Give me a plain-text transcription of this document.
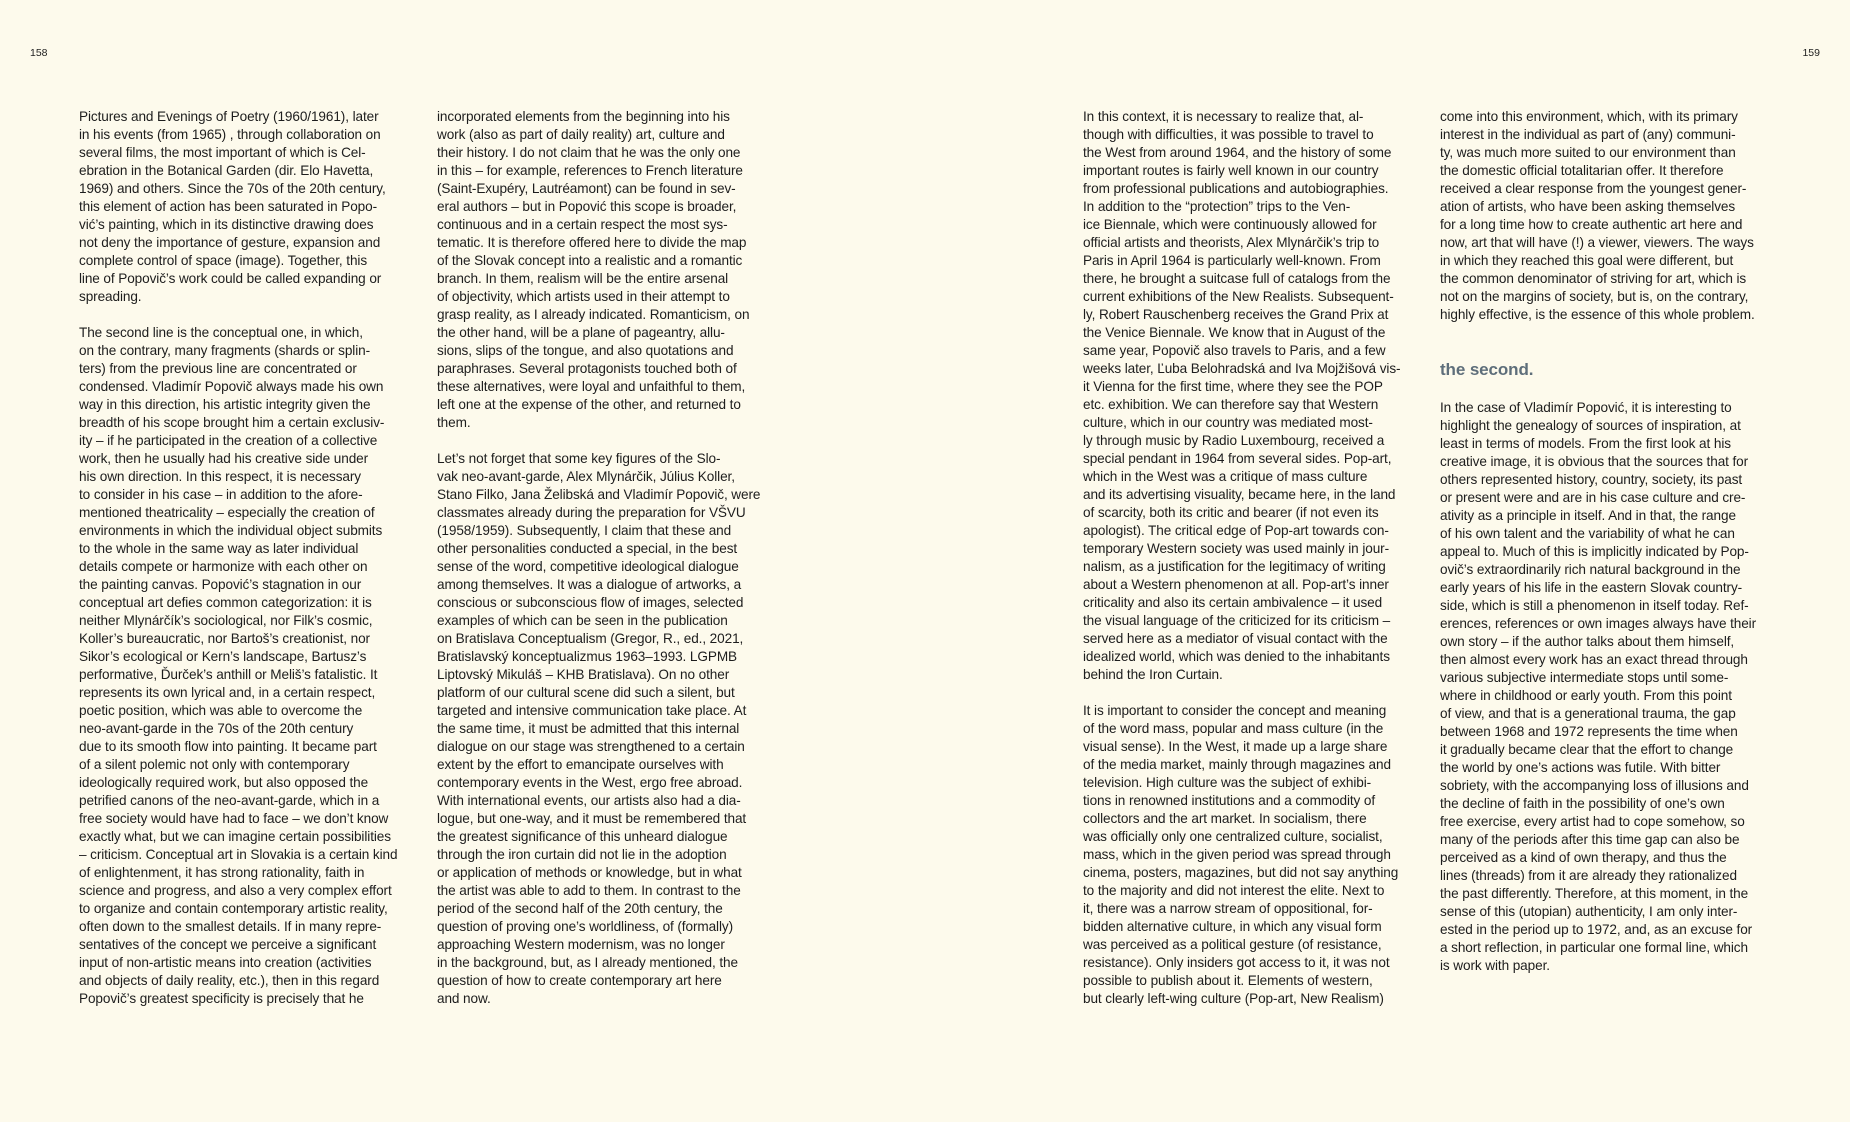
158	159

Pictures and Evenings of Poetry (1960/1961), later
in his events (from 1965) , through collaboration on
several films, the most important of which is Cel-
ebration in the Botanical Garden (dir. Elo Havetta,
1969) and others. Since the 70s of the 20th century,
this element of action has been saturated in Popo-
vić’s painting, which in its distinctive drawing does
not deny the importance of gesture, expansion and
complete control of space (image). Together, this
line of Popovič’s work could be called expanding or
spreading.

The second line is the conceptual one, in which,
on the contrary, many fragments (shards or splin-
ters) from the previous line are concentrated or
condensed. Vladimír Popovič always made his own
way in this direction, his artistic integrity given the
breadth of his scope brought him a certain exclusiv-
ity – if he participated in the creation of a collective
work, then he usually had his creative side under
his own direction. In this respect, it is necessary
to consider in his case – in addition to the afore-
mentioned theatricality – especially the creation of
environments in which the individual object submits
to the whole in the same way as later individual
details compete or harmonize with each other on
the painting canvas. Popović’s stagnation in our
conceptual art defies common categorization: it is
neither Mlynárčík’s sociological, nor Filk’s cosmic,
Koller’s bureaucratic, nor Bartoš’s creationist, nor
Sikor’s ecological or Kern’s landscape, Bartusz’s
performative, Ďurček’s anthill or Meliš’s fatalistic. It
represents its own lyrical and, in a certain respect,
poetic position, which was able to overcome the
neo-avant-garde in the 70s of the 20th century
due to its smooth flow into painting. It became part
of a silent polemic not only with contemporary
ideologically required work, but also opposed the
petrified canons of the neo-avant-garde, which in a
free society would have had to face – we don’t know
exactly what, but we can imagine certain possibilities
– criticism. Conceptual art in Slovakia is a certain kind
of enlightenment, it has strong rationality, faith in
science and progress, and also a very complex effort
to organize and contain contemporary artistic reality,
often down to the smallest details. If in many repre-
sentatives of the concept we perceive a significant
input of non-artistic means into creation (activities
and objects of daily reality, etc.), then in this regard
Popovič’s greatest specificity is precisely that he

incorporated elements from the beginning into his
work (also as part of daily reality) art, culture and
their history. I do not claim that he was the only one
in this – for example, references to French literature
(Saint-Exupéry, Lautréamont) can be found in sev-
eral authors – but in Popović this scope is broader,
continuous and in a certain respect the most sys-
tematic. It is therefore offered here to divide the map
of the Slovak concept into a realistic and a romantic
branch. In them, realism will be the entire arsenal
of objectivity, which artists used in their attempt to
grasp reality, as I already indicated. Romanticism, on
the other hand, will be a plane of pageantry, allu-
sions, slips of the tongue, and also quotations and
paraphrases. Several protagonists touched both of
these alternatives, were loyal and unfaithful to them,
left one at the expense of the other, and returned to
them.

Let’s not forget that some key figures of the Slo-
vak neo-avant-garde, Alex Mlynárčik, Július Koller,
Stano Filko, Jana Želibská and Vladimír Popovič, were
classmates already during the preparation for VŠVU
(1958/1959). Subsequently, I claim that these and
other personalities conducted a special, in the best
sense of the word, competitive ideological dialogue
among themselves. It was a dialogue of artworks, a
conscious or subconscious flow of images, selected
examples of which can be seen in the publication
on Bratislava Conceptualism (Gregor, R., ed., 2021,
Bratislavský konceptualizmus 1963–1993. LGPMB
Liptovský Mikuláš – KHB Bratislava). On no other
platform of our cultural scene did such a silent, but
targeted and intensive communication take place. At
the same time, it must be admitted that this internal
dialogue on our stage was strengthened to a certain
extent by the effort to emancipate ourselves with
contemporary events in the West, ergo free abroad.
With international events, our artists also had a dia-
logue, but one-way, and it must be remembered that
the greatest significance of this unheard dialogue
through the iron curtain did not lie in the adoption
or application of methods or knowledge, but in what
the artist was able to add to them. In contrast to the
period of the second half of the 20th century, the
question of proving one’s worldliness, of (formally)
approaching Western modernism, was no longer
in the background, but, as I already mentioned, the
question of how to create contemporary art here
and now.

In this context, it is necessary to realize that, al-
though with difficulties, it was possible to travel to
the West from around 1964, and the history of some
important routes is fairly well known in our country
from professional publications and autobiographies.
In addition to the “protection” trips to the Ven-
ice Biennale, which were continuously allowed for
official artists and theorists, Alex Mlynárčik’s trip to
Paris in April 1964 is particularly well-known. From
there, he brought a suitcase full of catalogs from the
current exhibitions of the New Realists. Subsequent-
ly, Robert Rauschenberg receives the Grand Prix at
the Venice Biennale. We know that in August of the
same year, Popovič also travels to Paris, and a few
weeks later, Ľuba Belohradská and Iva Mojžišová vis-
it Vienna for the first time, where they see the POP
etc. exhibition. We can therefore say that Western
culture, which in our country was mediated most-
ly through music by Radio Luxembourg, received a
special pendant in 1964 from several sides. Pop-art,
which in the West was a critique of mass culture
and its advertising visuality, became here, in the land
of scarcity, both its critic and bearer (if not even its
apologist). The critical edge of Pop-art towards con-
temporary Western society was used mainly in jour-
nalism, as a justification for the legitimacy of writing
about a Western phenomenon at all. Pop-art’s inner
criticality and also its certain ambivalence – it used
the visual language of the criticized for its criticism –
served here as a mediator of visual contact with the
idealized world, which was denied to the inhabitants
behind the Iron Curtain.

It is important to consider the concept and meaning
of the word mass, popular and mass culture (in the
visual sense). In the West, it made up a large share
of the media market, mainly through magazines and
television. High culture was the subject of exhibi-
tions in renowned institutions and a commodity of
collectors and the art market. In socialism, there
was officially only one centralized culture, socialist,
mass, which in the given period was spread through
cinema, posters, magazines, but did not say anything
to the majority and did not interest the elite. Next to
it, there was a narrow stream of oppositional, for-
bidden alternative culture, in which any visual form
was perceived as a political gesture (of resistance,
resistance). Only insiders got access to it, it was not
possible to publish about it. Elements of western,
but clearly left-wing culture (Pop-art, New Realism)

come into this environment, which, with its primary
interest in the individual as part of (any) communi-
ty, was much more suited to our environment than
the domestic official totalitarian offer. It therefore
received a clear response from the youngest gener-
ation of artists, who have been asking themselves
for a long time how to create authentic art here and
now, art that will have (!) a viewer, viewers. The ways
in which they reached this goal were different, but
the common denominator of striving for art, which is
not on the margins of society, but is, on the contrary,
highly effective, is the essence of this whole problem.

the second.

In the case of Vladimír Popović, it is interesting to
highlight the genealogy of sources of inspiration, at
least in terms of models. From the first look at his
creative image, it is obvious that the sources that for
others represented history, country, society, its past
or present were and are in his case culture and cre-
ativity as a principle in itself. And in that, the range
of his own talent and the variability of what he can
appeal to. Much of this is implicitly indicated by Pop-
ovič’s extraordinarily rich natural background in the
early years of his life in the eastern Slovak country-
side, which is still a phenomenon in itself today. Ref-
erences, references or own images always have their
own story – if the author talks about them himself,
then almost every work has an exact thread through
various subjective intermediate stops until some-
where in childhood or early youth. From this point
of view, and that is a generational trauma, the gap
between 1968 and 1972 represents the time when
it gradually became clear that the effort to change
the world by one’s actions was futile. With bitter
sobriety, with the accompanying loss of illusions and
the decline of faith in the possibility of one’s own
free exercise, every artist had to cope somehow, so
many of the periods after this time gap can also be
perceived as a kind of own therapy, and thus the
lines (threads) from it are already they rationalized
the past differently. Therefore, at this moment, in the
sense of this (utopian) authenticity, I am only inter-
ested in the period up to 1972, and, as an excuse for
a short reflection, in particular one formal line, which
is work with paper.
